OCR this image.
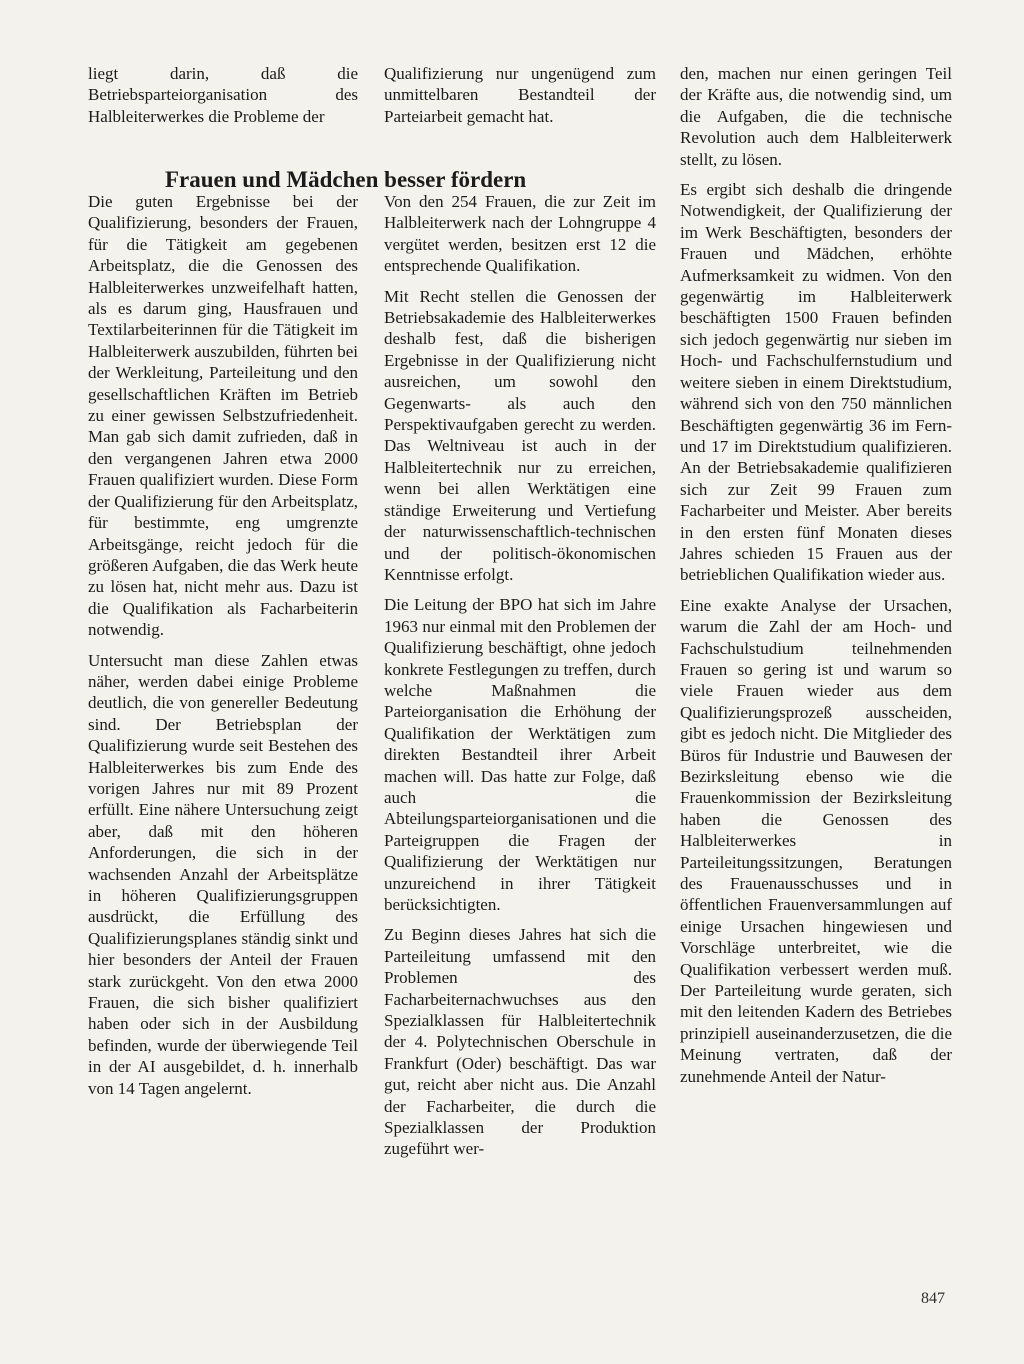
liegt darin, daß die Betriebsparteiorganisation des Halbleiterwerkes die Probleme der

Qualifizierung nur ungenügend zum unmittelbaren Bestandteil der Parteiarbeit gemacht hat.

Frauen und Mädchen besser fördern

Die guten Ergebnisse bei der Qualifizierung, besonders der Frauen, für die Tätigkeit am gegebenen Arbeitsplatz, die die Genossen des Halbleiterwerkes unzweifelhaft hatten, als es darum ging, Hausfrauen und Textilarbeiterinnen für die Tätigkeit im Halbleiterwerk auszubilden, führten bei der Werkleitung, Parteileitung und den gesellschaftlichen Kräften im Betrieb zu einer gewissen Selbstzufriedenheit. Man gab sich damit zufrieden, daß in den vergangenen Jahren etwa 2000 Frauen qualifiziert wurden. Diese Form der Qualifizierung für den Arbeitsplatz, für bestimmte, eng umgrenzte Arbeitsgänge, reicht jedoch für die größeren Aufgaben, die das Werk heute zu lösen hat, nicht mehr aus. Dazu ist die Qualifikation als Facharbeiterin notwendig.

Untersucht man diese Zahlen etwas näher, werden dabei einige Probleme deutlich, die von genereller Bedeutung sind. Der Betriebsplan der Qualifizierung wurde seit Bestehen des Halbleiterwerkes bis zum Ende des vorigen Jahres nur mit 89 Prozent erfüllt. Eine nähere Untersuchung zeigt aber, daß mit den höheren Anforderungen, die sich in der wachsenden Anzahl der Arbeitsplätze in höheren Qualifizierungsgruppen ausdrückt, die Erfüllung des Qualifizierungsplanes ständig sinkt und hier besonders der Anteil der Frauen stark zurückgeht. Von den etwa 2000 Frauen, die sich bisher qualifiziert haben oder sich in der Ausbildung befinden, wurde der überwiegende Teil in der AI ausgebildet, d. h. innerhalb von 14 Tagen angelernt.

Von den 254 Frauen, die zur Zeit im Halbleiterwerk nach der Lohngruppe 4 vergütet werden, besitzen erst 12 die entsprechende Qualifikation.

Mit Recht stellen die Genossen der Betriebsakademie des Halbleiterwerkes deshalb fest, daß die bisherigen Ergebnisse in der Qualifizierung nicht ausreichen, um sowohl den Gegenwarts- als auch den Perspektivaufgaben gerecht zu werden. Das Weltniveau ist auch in der Halbleitertechnik nur zu erreichen, wenn bei allen Werktätigen eine ständige Erweiterung und Vertiefung der naturwissenschaftlich-technischen und der politisch-ökonomischen Kenntnisse erfolgt.

Die Leitung der BPO hat sich im Jahre 1963 nur einmal mit den Problemen der Qualifizierung beschäftigt, ohne jedoch konkrete Festlegungen zu treffen, durch welche Maßnahmen die Parteiorganisation die Erhöhung der Qualifikation der Werktätigen zum direkten Bestandteil ihrer Arbeit machen will. Das hatte zur Folge, daß auch die Abteilungsparteiorganisationen und die Parteigruppen die Fragen der Qualifizierung der Werktätigen nur unzureichend in ihrer Tätigkeit berücksichtigten.

Zu Beginn dieses Jahres hat sich die Parteileitung umfassend mit den Problemen des Facharbeiternachwuchses aus den Spezialklassen für Halbleitertechnik der 4. Polytechnischen Oberschule in Frankfurt (Oder) beschäftigt. Das war gut, reicht aber nicht aus. Die Anzahl der Facharbeiter, die durch die Spezialklassen der Produktion zugeführt wer-

den, machen nur einen geringen Teil der Kräfte aus, die notwendig sind, um die Aufgaben, die die technische Revolution auch dem Halbleiterwerk stellt, zu lösen.

Es ergibt sich deshalb die dringende Notwendigkeit, der Qualifizierung der im Werk Beschäftigten, besonders der Frauen und Mädchen, erhöhte Aufmerksamkeit zu widmen. Von den gegenwärtig im Halbleiterwerk beschäftigten 1500 Frauen befinden sich jedoch gegenwärtig nur sieben im Hoch- und Fachschulfernstudium und weitere sieben in einem Direktstudium, während sich von den 750 männlichen Beschäftigten gegenwärtig 36 im Fern- und 17 im Direktstudium qualifizieren. An der Betriebsakademie qualifizieren sich zur Zeit 99 Frauen zum Facharbeiter und Meister. Aber bereits in den ersten fünf Monaten dieses Jahres schieden 15 Frauen aus der betrieblichen Qualifikation wieder aus.

Eine exakte Analyse der Ursachen, warum die Zahl der am Hoch- und Fachschulstudium teilnehmenden Frauen so gering ist und warum so viele Frauen wieder aus dem Qualifizierungsprozeß ausscheiden, gibt es jedoch nicht. Die Mitglieder des Büros für Industrie und Bauwesen der Bezirksleitung ebenso wie die Frauenkommission der Bezirksleitung haben die Genossen des Halbleiterwerkes in Parteileitungssitzungen, Beratungen des Frauenausschusses und in öffentlichen Frauenversammlungen auf einige Ursachen hingewiesen und Vorschläge unterbreitet, wie die Qualifikation verbessert werden muß. Der Parteileitung wurde geraten, sich mit den leitenden Kadern des Betriebes prinzipiell auseinanderzusetzen, die die Meinung vertraten, daß der zunehmende Anteil der Natur-

847
